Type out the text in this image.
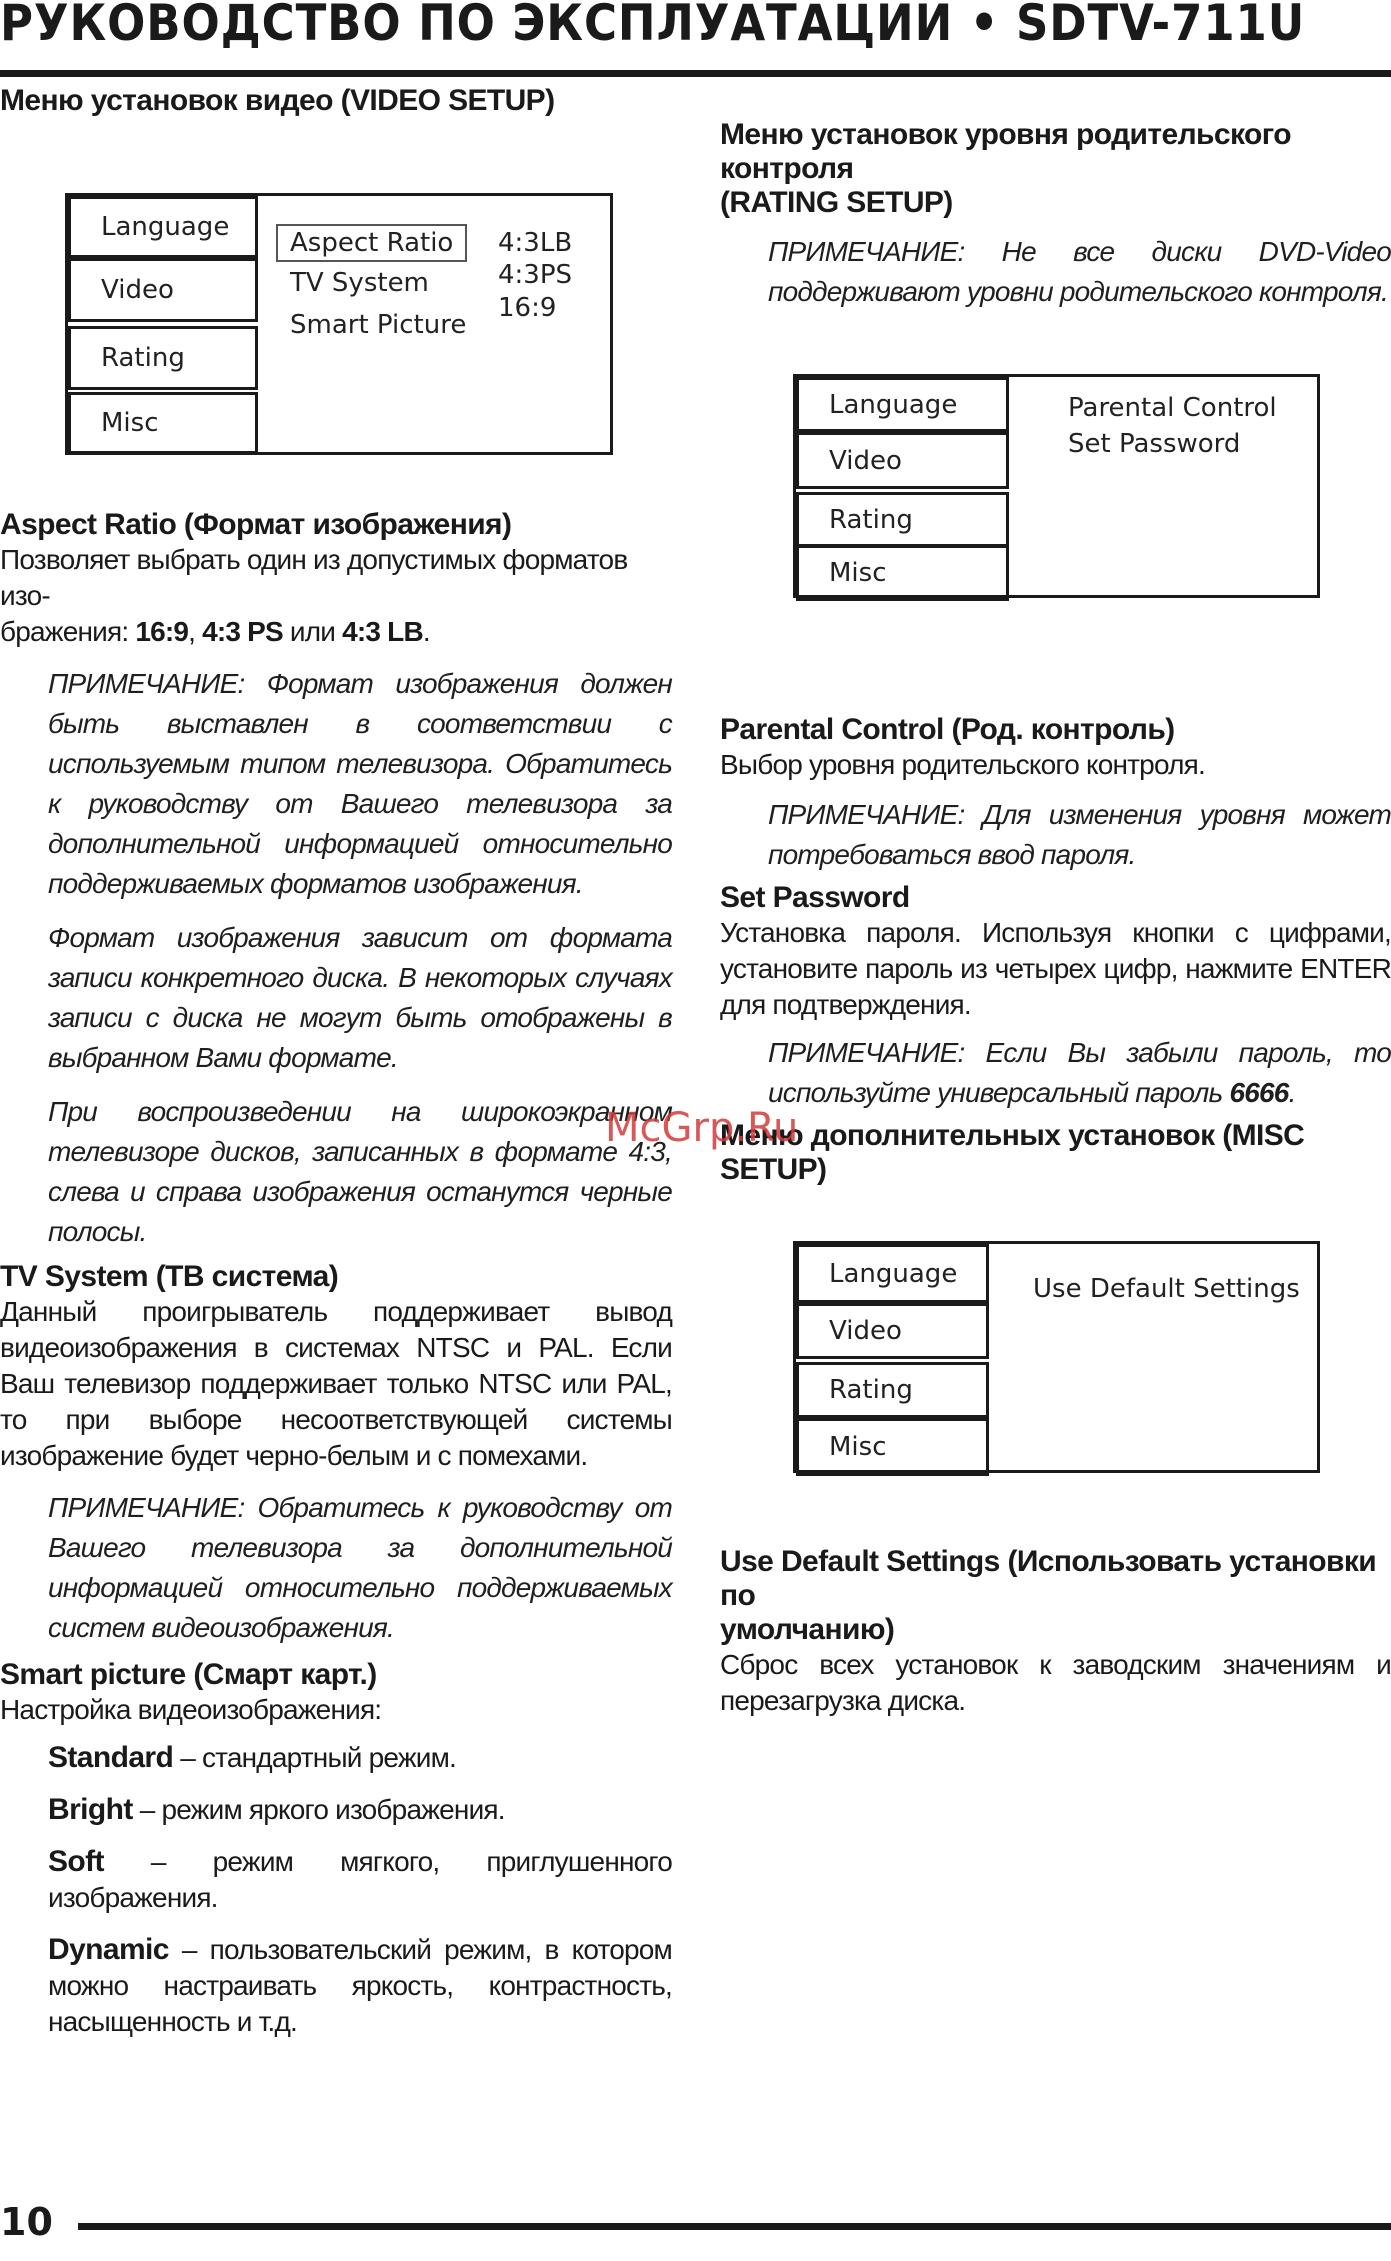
РУКОВОДСТВО ПО ЭКСПЛУАТАЦИИ • SDTV-711U

Меню установок видео (VIDEO SETUP)

Language
Video
Rating
Misc
Aspect Ratio
TV System
Smart Picture
4:3LB
4:3PS
16:9

Aspect Ratio (Формат изображения)

Позволяет выбрать один из допустимых форматов изо-
бражения: 16:9, 4:3 PS или 4:3 LB.

ПРИМЕЧАНИЕ: Формат изображения должен быть выставлен в соответствии с используемым типом телевизора. Обратитесь к руководству от Вашего телевизора за дополнительной информацией относительно поддерживаемых форматов изображения.

Формат изображения зависит от формата записи конкретного диска. В некоторых случаях записи с диска не могут быть отображены в выбранном Вами формате.

При воспроизведении на широкоэкранном телевизоре дисков, записанных в формате 4:3, слева и справа изображения останутся черные полосы.

TV System (ТВ система)

Данный проигрыватель поддерживает вывод видеоизображения в системах NTSC и PAL. Если Ваш телевизор поддерживает только NTSC или PAL, то при выборе несоответствующей системы изображение будет черно-белым и с помехами.

ПРИМЕЧАНИЕ: Обратитесь к руководству от Вашего телевизора за дополнительной информацией относительно поддерживаемых систем видеоизображения.

Smart picture (Смарт карт.)

Настройка видеоизображения:

Standard – стандартный режим.

Bright – режим яркого изображения.

Soft – режим мягкого, приглушенного изображения.

Dynamic – пользовательский режим, в котором можно настраивать яркость, контрастность, насыщенность и т.д.

Меню установок уровня родительского контроля

(RATING SETUP)

ПРИМЕЧАНИЕ: Не все диски DVD-Video поддерживают уровни родительского контроля.

Language
Video
Rating
Misc
Parental Control
Set Password

Parental Control (Род. контроль)

Выбор уровня родительского контроля.

ПРИМЕЧАНИЕ: Для изменения уровня может потребоваться ввод пароля.

Set Password

Установка пароля. Используя кнопки с цифрами, установите пароль из четырех цифр, нажмите ENTER для подтверждения.

ПРИМЕЧАНИЕ: Если Вы забыли пароль, то используйте универсальный пароль 6666.

Меню дополнительных установок (MISC SETUP)

Language
Video
Rating
Misc
Use Default Settings

Use Default Settings (Использовать установки по

умолчанию)

Сброс всех установок к заводским значениям и перезагрузка диска.

McGrp.Ru
10
